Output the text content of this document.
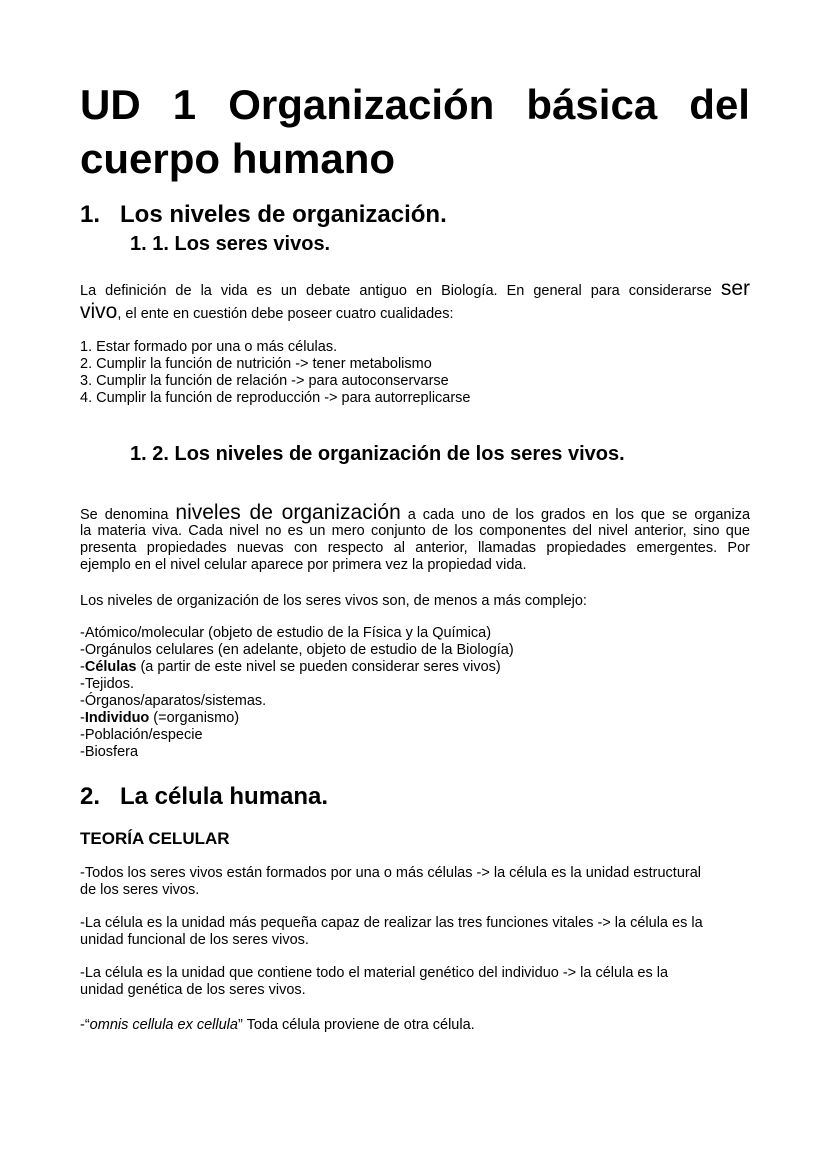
UD 1 Organización básica del
cuerpo humano
1. Los niveles de organización.
1. 1. Los seres vivos.
La definición de la vida es un debate antiguo en Biología. En general para considerarse ser
vivo, el ente en cuestión debe poseer cuatro cualidades:
1. Estar formado por una o más células.
2. Cumplir la función de nutrición -> tener metabolismo
3. Cumplir la función de relación -> para autoconservarse
4. Cumplir la función de reproducción -> para autorreplicarse
1. 2. Los niveles de organización de los seres vivos.
Se denomina niveles de organización a cada uno de los grados en los que se organiza
la materia viva. Cada nivel no es un mero conjunto de los componentes del nivel anterior, sino que
presenta propiedades nuevas con respecto al anterior, llamadas propiedades emergentes. Por
ejemplo en el nivel celular aparece por primera vez la propiedad vida.
Los niveles de organización de los seres vivos son, de menos a más complejo:
-Atómico/molecular (objeto de estudio de la Física y la Química)
-Orgánulos celulares (en adelante, objeto de estudio de la Biología)
-Células (a partir de este nivel se pueden considerar seres vivos)
-Tejidos.
-Órganos/aparatos/sistemas.
-Individuo (=organismo)
-Población/especie
-Biosfera
2. La célula humana.
TEORÍA CELULAR
-Todos los seres vivos están formados por una o más células -> la célula es la unidad estructural
de los seres vivos.
-La célula es la unidad más pequeña capaz de realizar las tres funciones vitales -> la célula es la
unidad funcional de los seres vivos.
-La célula es la unidad que contiene todo el material genético del individuo -> la célula es la
unidad genética de los seres vivos.
-“omnis cellula ex cellula” Toda célula proviene de otra célula.
